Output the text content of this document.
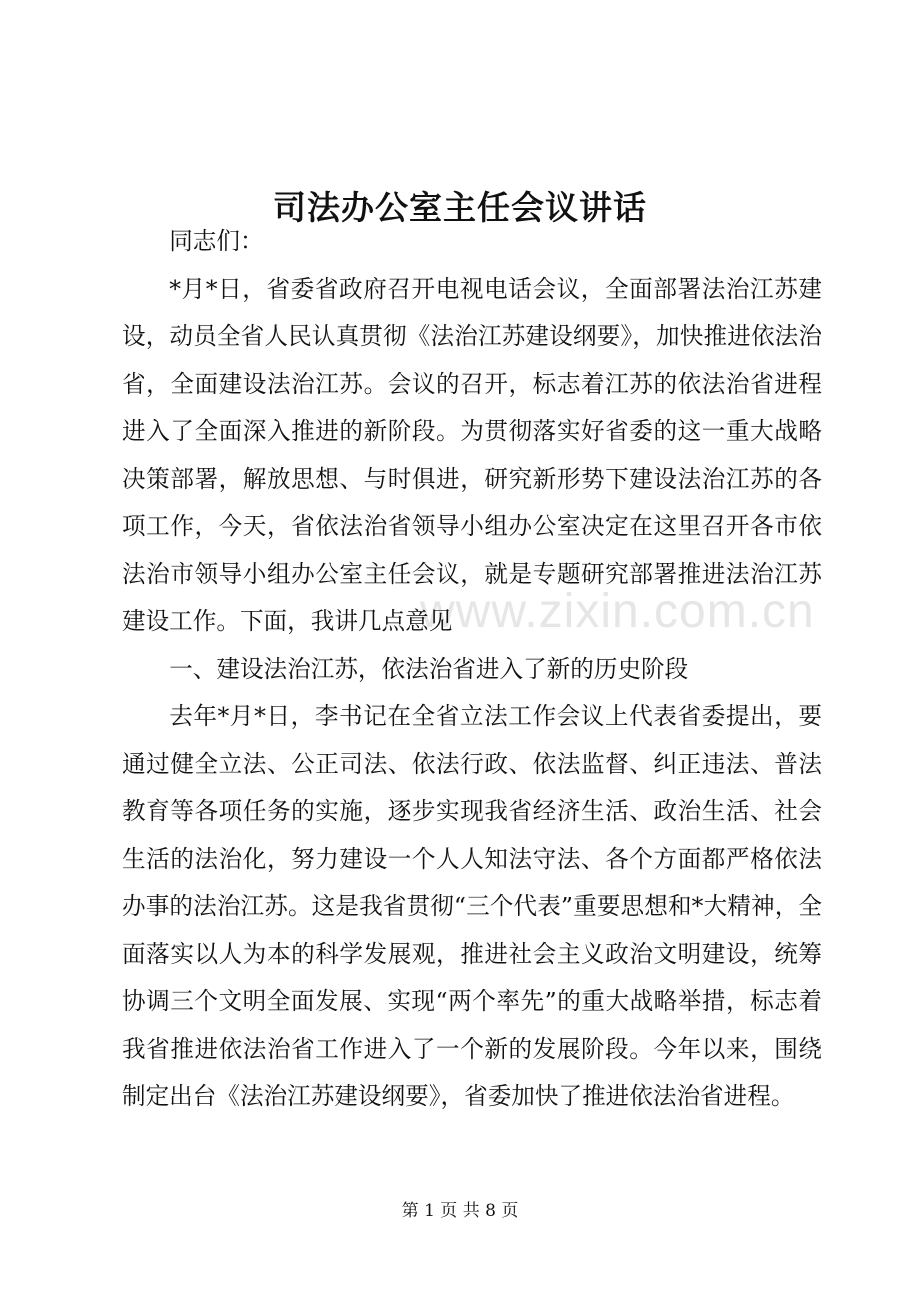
www.zixin.com.cn
司法办公室主任会议讲话

同志们：

*月*日，省委省政府召开电视电话会议，全面部署法治江苏建设，动员全省人民认真贯彻《法治江苏建设纲要》，加快推进依法治省，全面建设法治江苏。会议的召开，标志着江苏的依法治省进程进入了全面深入推进的新阶段。为贯彻落实好省委的这一重大战略决策部署，解放思想、与时俱进，研究新形势下建设法治江苏的各项工作，今天，省依法治省领导小组办公室决定在这里召开各市依法治市领导小组办公室主任会议，就是专题研究部署推进法治江苏建设工作。下面，我讲几点意见

一、建设法治江苏，依法治省进入了新的历史阶段

去年*月*日，李书记在全省立法工作会议上代表省委提出，要通过健全立法、公正司法、依法行政、依法监督、纠正违法、普法教育等各项任务的实施，逐步实现我省经济生活、政治生活、社会生活的法治化，努力建设一个人人知法守法、各个方面都严格依法办事的法治江苏。这是我省贯彻“三个代表”重要思想和*大精神，全面落实以人为本的科学发展观，推进社会主义政治文明建设，统筹协调三个文明全面发展、实现“两个率先”的重大战略举措，标志着我省推进依法治省工作进入了一个新的发展阶段。今年以来，围绕制定出台《法治江苏建设纲要》，省委加快了推进依法治省进程。

第 1 页 共 8 页
